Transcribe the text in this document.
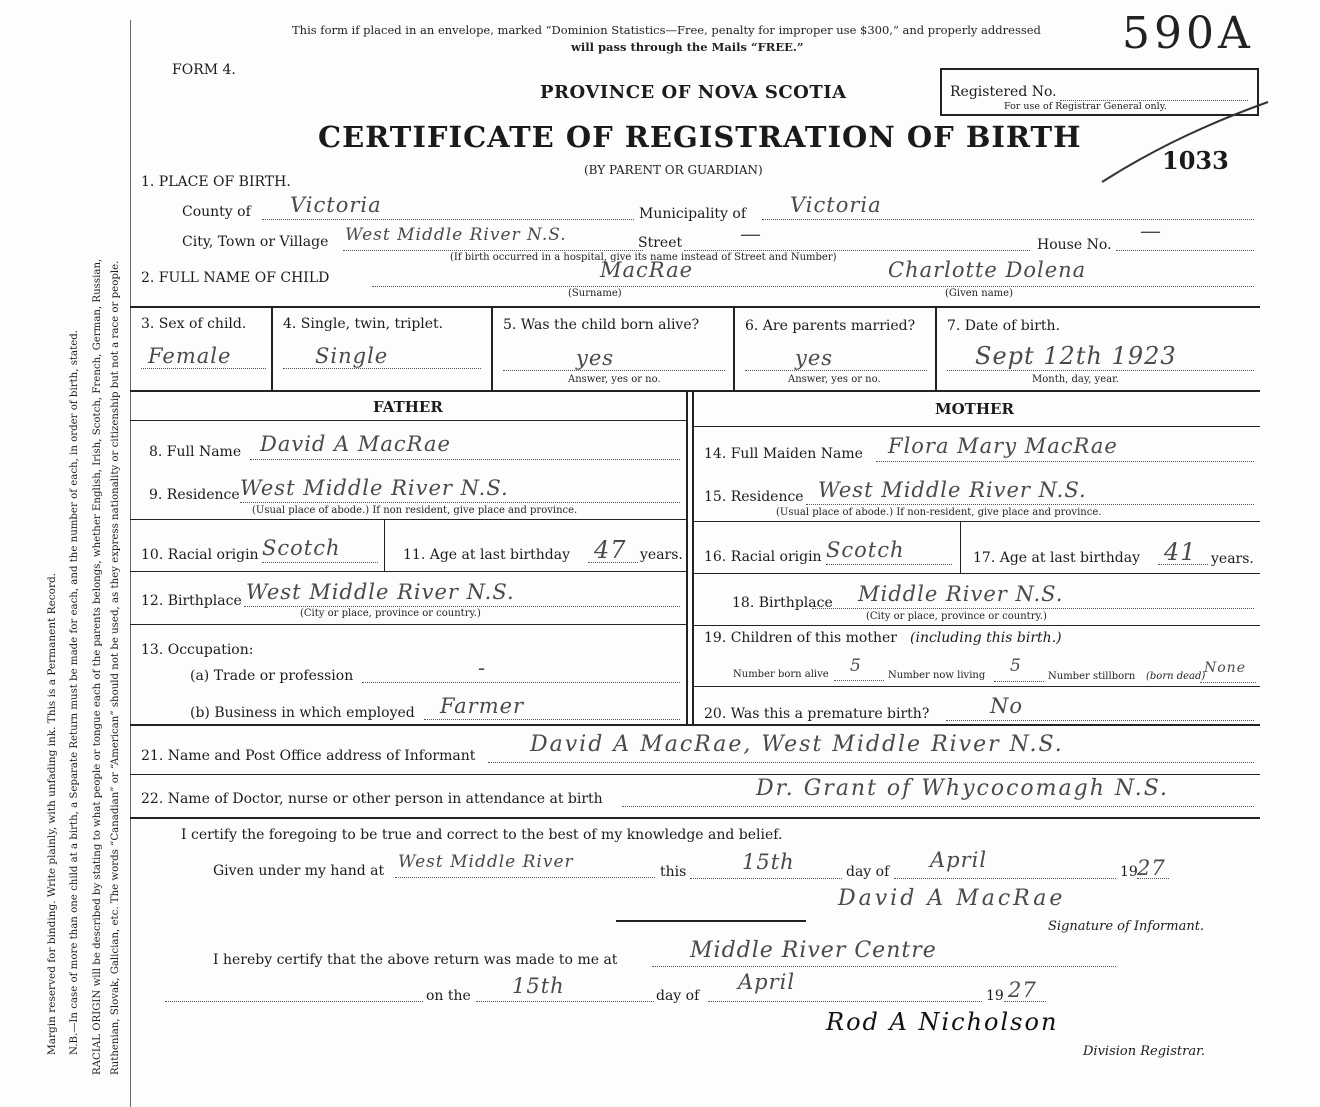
Margin reserved for binding. Write plainly, with unfading ink. This is a Permanent Record. N.B.—In case of more than one child at a birth, a Separate Return must be made for each, and the number of each, in order of birth, stated. RACIAL ORIGIN will be described by stating to what people or tongue each of the parents belongs, whether English, Irish, Scotch, French, German, Russian, Ruthenian, Slovak, Galician, etc. The words “Canadian” or “American” should not be used, as they express nationality or citizenship but not a race or people.
This form if placed in an envelope, marked “Dominion Statistics—Free, penalty for improper use $300,” and properly addressed
will pass through the Mails “FREE.”
FORM 4.
PROVINCE OF NOVA SCOTIA
CERTIFICATE OF REGISTRATION OF BIRTH
(BY PARENT OR GUARDIAN)
Registered No.
For use of Registrar General only.
590A
1033
1. PLACE OF BIRTH.
County of Victoria	Municipality of Victoria
City, Town or Village West Middle River N.S.	Street	—	House No.
—
(If birth occurred in a hospital, give its name instead of Street and Number)
2. FULL NAME OF CHILD	MacRae	Charlotte Dolena
(Surname)	(Given name)
3. Sex of child.
Female
4. Single, twin, triplet.
Single
5. Was the child born alive?
yes
Answer, yes or no.
6. Are parents married?
yes
Answer, yes or no.
7. Date of birth.
Sept 12th 1923
Month, day, year.
FATHER	MOTHER
8. Full Name David A MacRae
9. Residence West Middle River N.S.
(Usual place of abode.) If non resident, give place and province.
10. Racial origin Scotch	11. Age at last birthday 47 years.
12. Birthplace West Middle River N.S.
(City or place, province or country.)
13. Occupation:
(a) Trade or profession	-
(b) Business in which employed Farmer
14. Full Maiden Name Flora Mary MacRae
15. Residence West Middle River N.S.
(Usual place of abode.) If non-resident, give place and province.
16. Racial origin Scotch	17. Age at last birthday 41 years.
18. Birthplace Middle River N.S.
(City or place, province or country.)
19. Children of this mother (including this birth.)
Number born alive 5	Number now living 5
Number stillborn (born dead)
None
20. Was this a premature birth?	No
21. Name and Post Office address of Informant David A MacRae, West Middle River N.S.
22. Name of Doctor, nurse or other person in attendance at birth	Dr. Grant of Whycocomagh N.S.
I certify the foregoing to be true and correct to the best of my knowledge and belief.
Given under my hand at West Middle River	this	15th	day of April	19 27
David A MacRae
Signature of Informant.
I hereby certify that the above return was made to me at	Middle River Centre
on the 15th	day of
April
19 27
Rod A Nicholson
Division Registrar.
